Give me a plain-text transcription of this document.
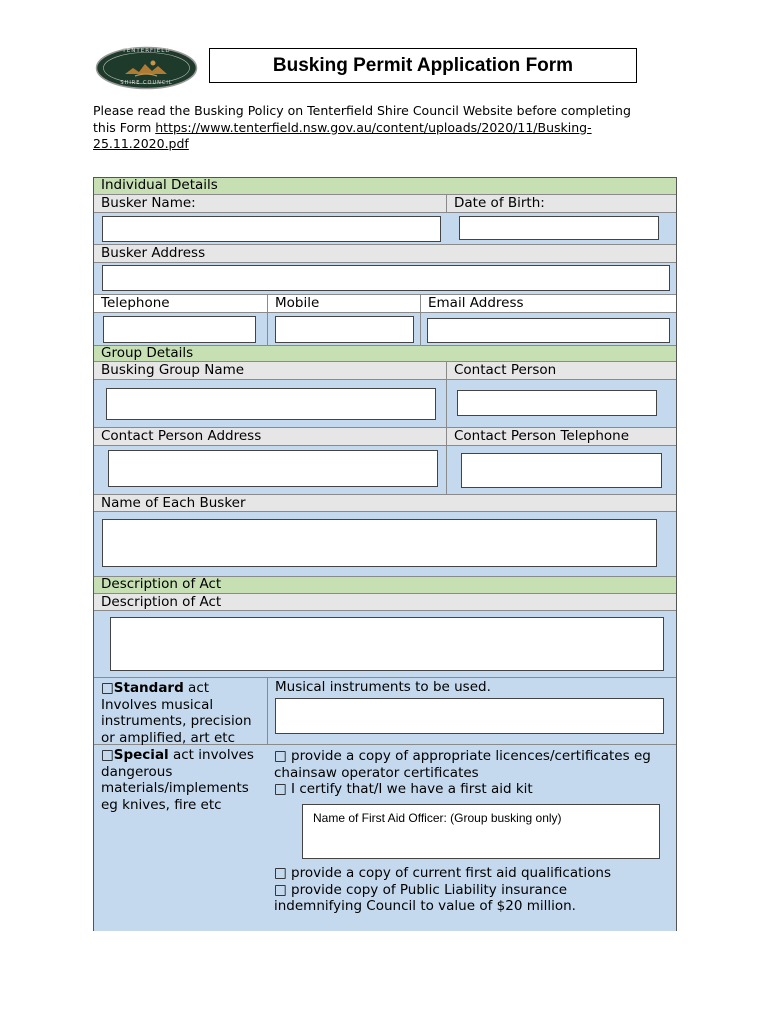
TENTERFIELD
SHIRE COUNCIL
Busking Permit Application Form
Please read the Busking Policy on Tenterfield Shire Council Website before completing
this Form https://www.tenterfield.nsw.gov.au/content/uploads/2020/11/Busking-
25.11.2020.pdf
Individual Details
Busker Name:	Date of Birth:
Busker Address
Telephone	Mobile	Email Address
Group Details
Busking Group Name	Contact Person
Contact Person Address	Contact Person Telephone
Name of Each Busker
Description of Act
Description of Act
□Standard act
Involves musical
instruments, precision
or amplified, art etc
Musical instruments to be used.
□Special act involves
dangerous
materials/implements
eg knives, fire etc
□ provide a copy of appropriate licences/certificates eg
chainsaw operator certificates
□ I certify that/I we have a first aid kit
Name of First Aid Officer: (Group busking only)
□ provide a copy of current first aid qualifications
□ provide copy of Public Liability insurance
indemnifying Council to value of $20 million.
